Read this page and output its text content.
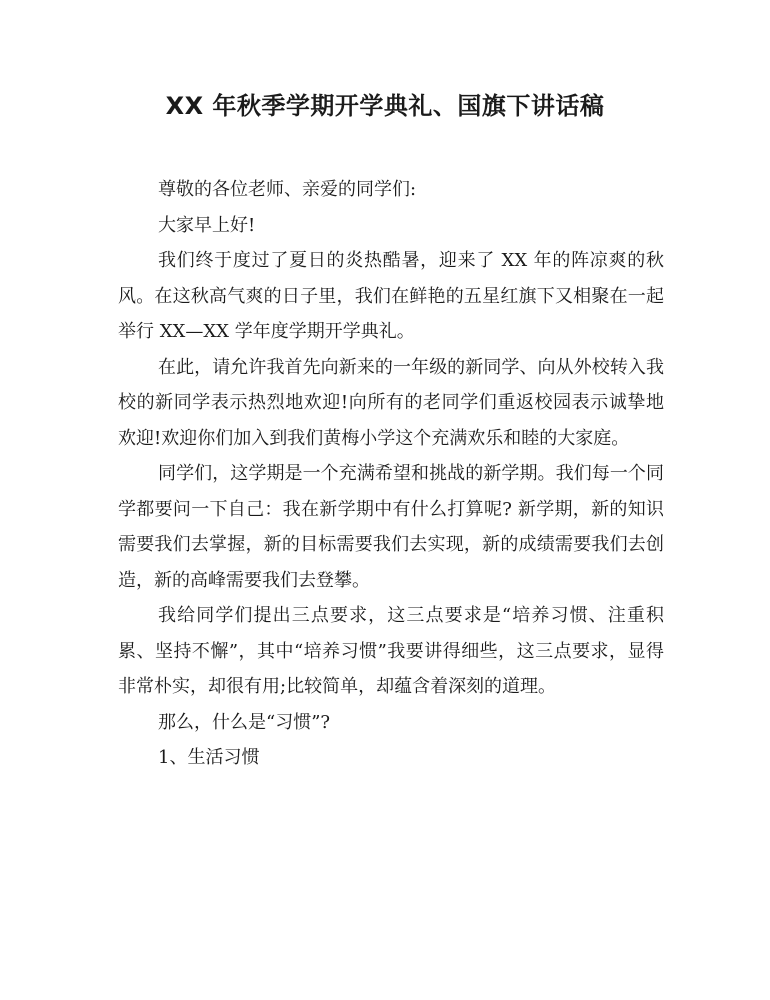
XX 年秋季学期开学典礼、国旗下讲话稿

尊敬的各位老师、亲爱的同学们:

大家早上好!

我们终于度过了夏日的炎热酷暑，迎来了 XX 年的阵凉爽的秋风。在这秋高气爽的日子里，我们在鲜艳的五星红旗下又相聚在一起举行 XX—XX 学年度学期开学典礼。

在此，请允许我首先向新来的一年级的新同学、向从外校转入我校的新同学表示热烈地欢迎!向所有的老同学们重返校园表示诚挚地欢迎!欢迎你们加入到我们黄梅小学这个充满欢乐和睦的大家庭。

同学们，这学期是一个充满希望和挑战的新学期。我们每一个同学都要问一下自己：我在新学期中有什么打算呢? 新学期，新的知识需要我们去掌握，新的目标需要我们去实现，新的成绩需要我们去创造，新的高峰需要我们去登攀。

我给同学们提出三点要求，这三点要求是“培养习惯、注重积累、坚持不懈”，其中“培养习惯”我要讲得细些，这三点要求，显得非常朴实，却很有用;比较简单，却蕴含着深刻的道理。

那么，什么是“习惯”?

1、生活习惯
